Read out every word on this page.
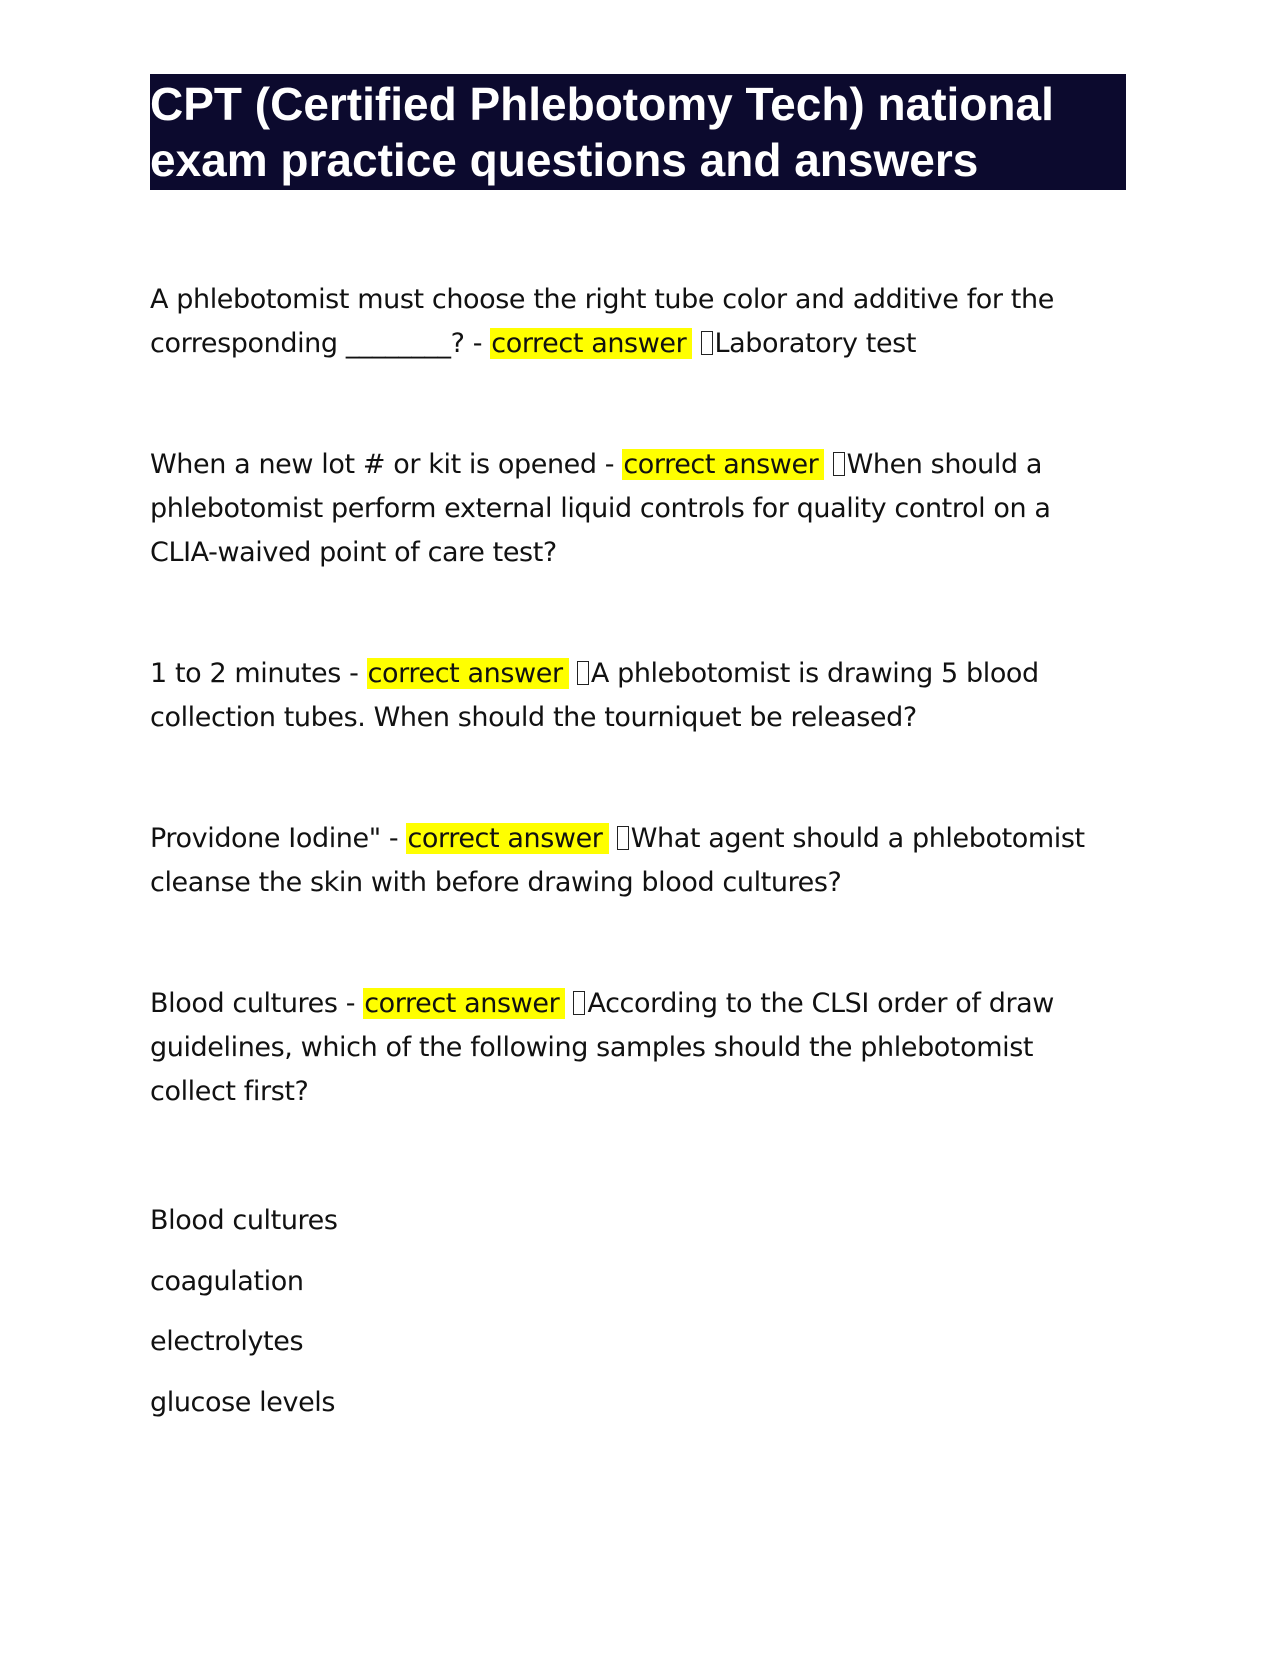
CPT (Certified Phlebotomy Tech) national exam practice questions and answers

A phlebotomist must choose the right tube color and additive for the corresponding ________? - correct answer Laboratory test

When a new lot # or kit is opened - correct answer When should a phlebotomist perform external liquid controls for quality control on a CLIA-waived point of care test?

1 to 2 minutes - correct answer A phlebotomist is drawing 5 blood collection tubes. When should the tourniquet be released?

Providone Iodine" - correct answer What agent should a phlebotomist cleanse the skin with before drawing blood cultures?

Blood cultures - correct answer According to the CLSI order of draw guidelines, which of the following samples should the phlebotomist collect first?

Blood cultures
coagulation
electrolytes
glucose levels
